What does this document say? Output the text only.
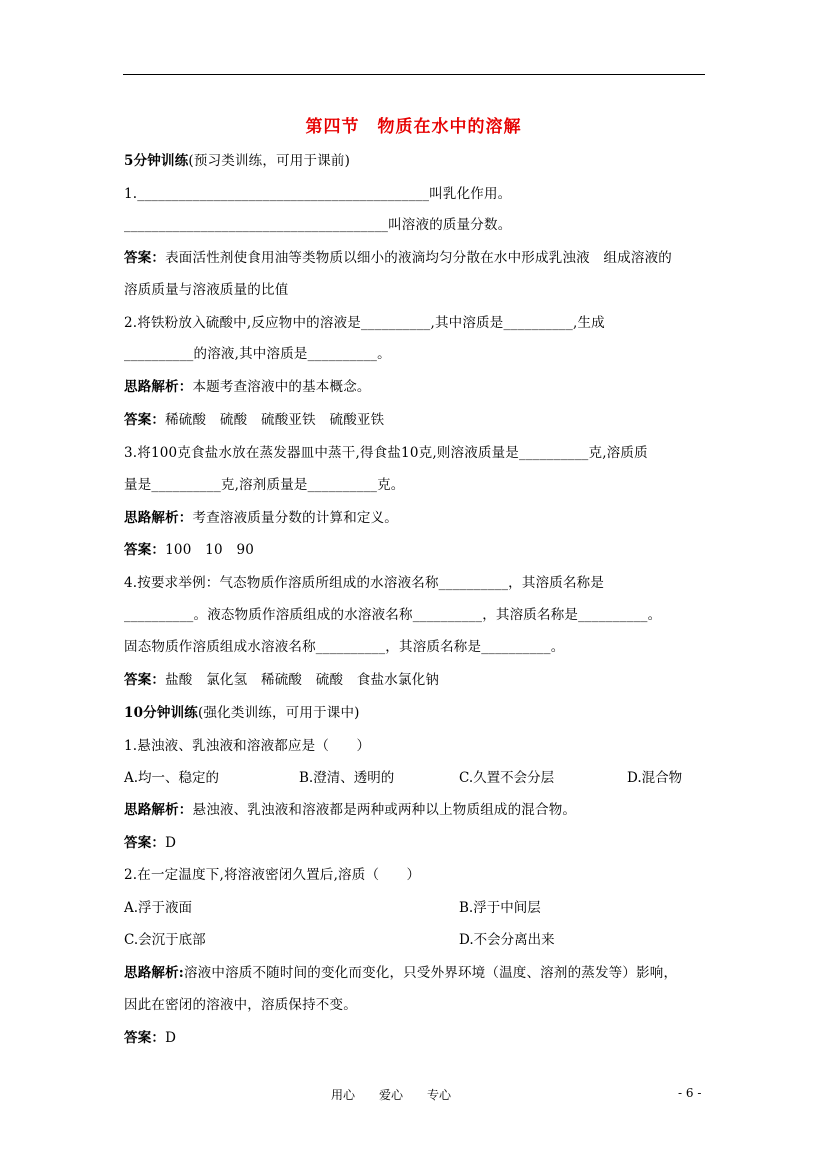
第四节　物质在水中的溶解
5分钟训练(预习类训练，可用于课前)
1.__________________________________________叫乳化作用。
______________________________________叫溶液的质量分数。
答案：表面活性剂使食用油等类物质以细小的液滴均匀分散在水中形成乳浊液　组成溶液的
溶质质量与溶液质量的比值
2.将铁粉放入硫酸中,反应物中的溶液是__________,其中溶质是__________,生成
__________的溶液,其中溶质是__________。
思路解析：本题考查溶液中的基本概念。
答案：稀硫酸　硫酸　硫酸亚铁　硫酸亚铁
3.将100克食盐水放在蒸发器皿中蒸干,得食盐10克,则溶液质量是__________克,溶质质
量是__________克,溶剂质量是__________克。
思路解析：考查溶液质量分数的计算和定义。
答案：100　10　90
4.按要求举例：气态物质作溶质所组成的水溶液名称__________，其溶质名称是
__________。液态物质作溶质组成的水溶液名称__________，其溶质名称是__________。
固态物质作溶质组成水溶液名称__________，其溶质名称是__________。
答案：盐酸　氯化氢　稀硫酸　硫酸　食盐水氯化钠
10分钟训练(强化类训练，可用于课中)
1.悬浊液、乳浊液和溶液都应是（　　）
A.均一、稳定的	B.澄清、透明的	C.久置不会分层	D.混合物
思路解析：悬浊液、乳浊液和溶液都是两种或两种以上物质组成的混合物。
答案：D
2.在一定温度下,将溶液密闭久置后,溶质（　　）
A.浮于液面	B.浮于中间层
C.会沉于底部	D.不会分离出来
思路解析:溶液中溶质不随时间的变化而变化，只受外界环境（温度、溶剂的蒸发等）影响，
因此在密闭的溶液中，溶质保持不变。
答案：D
用心　　爱心　　专心	- 6 -
